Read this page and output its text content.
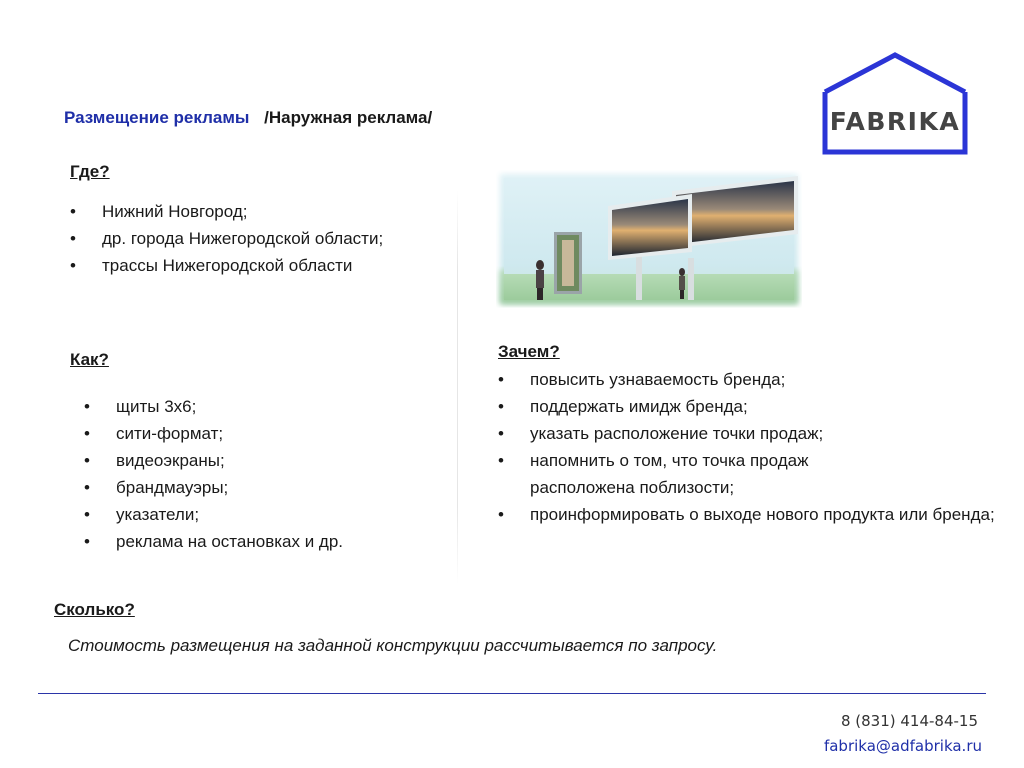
Размещение рекламы /Наружная реклама/	FABRIKA
Где?
• Нижний Новгород;
• др. города Нижегородской области;
• трассы Нижегородской области
Как?
• щиты 3x6;
• сити-формат;
• видеоэкраны;
• брандмауэры;
• указатели;
• реклама на остановках и др.
Зачем?
• повысить узнаваемость бренда;
• поддержать имидж бренда;
• указать расположение точки продаж;
• напомнить о том, что точка продаж расположена поблизости;
• проинформировать о выходе нового продукта или бренда;
Сколько?
Стоимость размещения на заданной конструкции рассчитывается по запросу.
8 (831) 414-84-15
fabrika@adfabrika.ru
